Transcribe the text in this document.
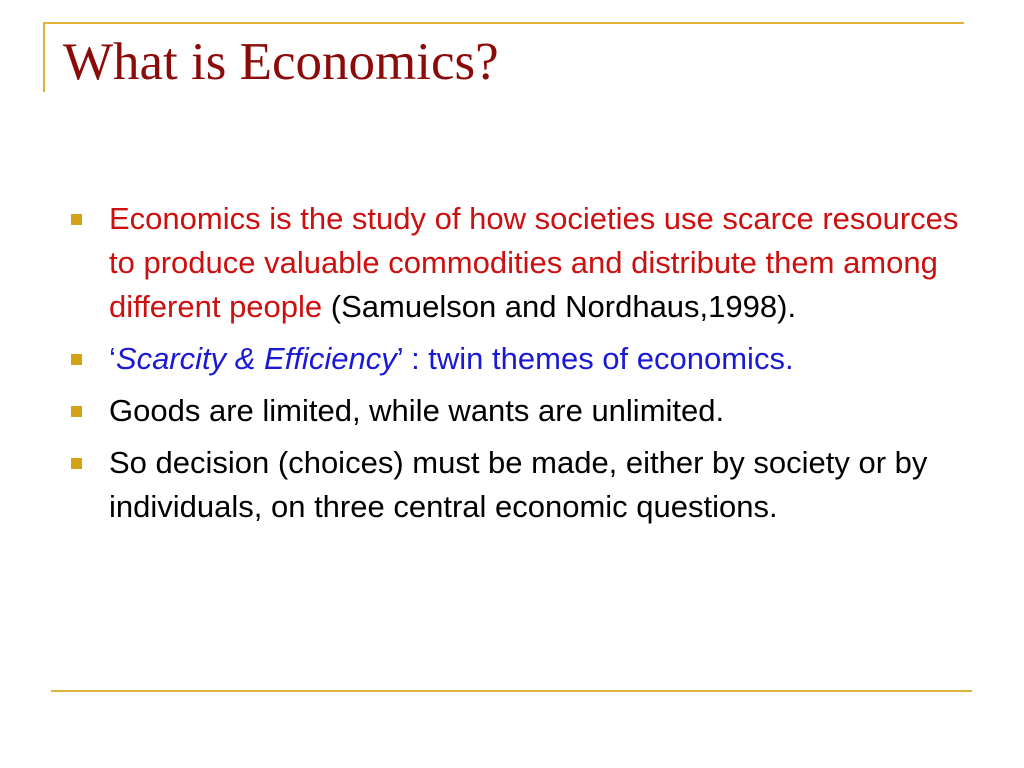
What is Economics?
Economics is the study of how societies use scarce resources to produce valuable commodities and distribute them among different people (Samuelson and Nordhaus,1998).
‘Scarcity & Efficiency’ : twin themes of economics.
Goods are limited, while wants are unlimited.
So decision (choices) must be made, either by society or by individuals, on three central economic questions.
